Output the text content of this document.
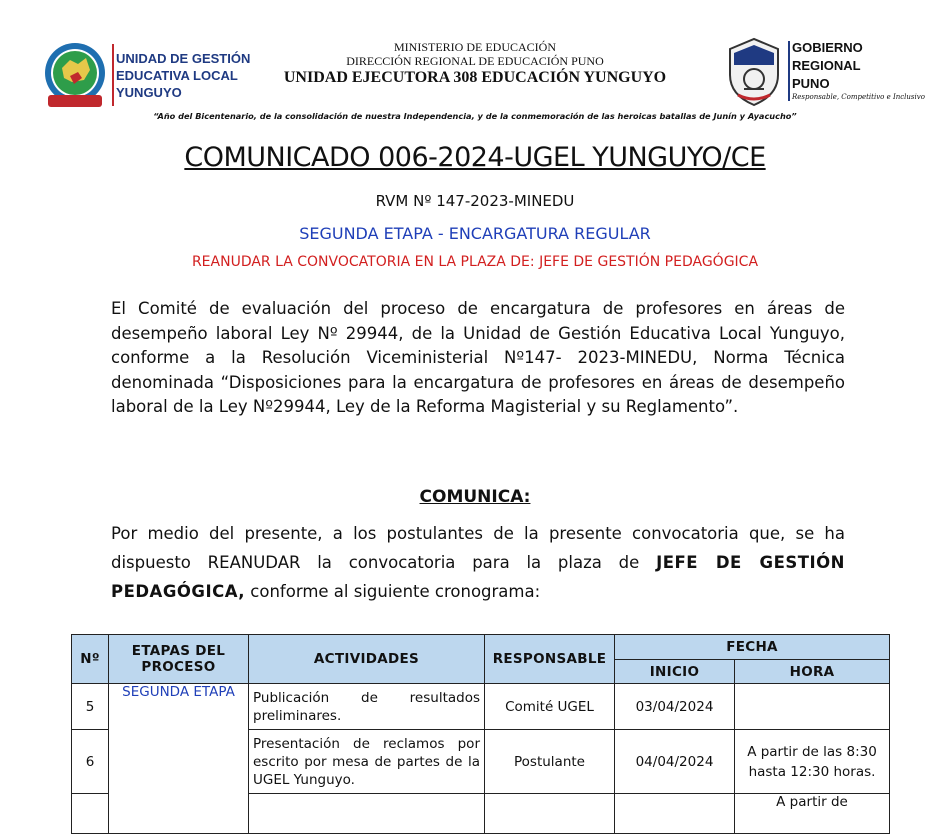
UNIDAD DE GESTIÓN
EDUCATIVA LOCAL
YUNGUYO
MINISTERIO DE EDUCACIÓN
DIRECCIÓN REGIONAL DE EDUCACIÓN PUNO
UNIDAD EJECUTORA 308 EDUCACIÓN YUNGUYO
GOBIERNO
REGIONAL
PUNO
Responsable, Competitivo e Inclusivo
“Año del Bicentenario, de la consolidación de nuestra Independencia, y de la conmemoración de las heroicas batallas de Junín y Ayacucho”
COMUNICADO 006-2024-UGEL YUNGUYO/CE
RVM Nº 147-2023-MINEDU
SEGUNDA ETAPA - ENCARGATURA REGULAR
REANUDAR LA CONVOCATORIA EN LA PLAZA DE: JEFE DE GESTIÓN PEDAGÓGICA
El Comité de evaluación del proceso de encargatura de profesores en áreas de desempeño laboral Ley Nº 29944, de la Unidad de Gestión Educativa Local Yunguyo, conforme a la Resolución Viceministerial Nº147- 2023-MINEDU, Norma Técnica denominada “Disposiciones para la encargatura de profesores en áreas de desempeño laboral de la Ley Nº29944, Ley de la Reforma Magisterial y su Reglamento”.
COMUNICA:
Por medio del presente, a los postulantes de la presente convocatoria que, se ha dispuesto REANUDAR la convocatoria para la plaza de JEFE DE GESTIÓN PEDAGÓGICA, conforme al siguiente cronograma:
Nº	ETAPAS DEL PROCESO	ACTIVIDADES	RESPONSABLE	FECHA	
				INICIO	HORA
5	SEGUNDA ETAPA	Publicación de resultados preliminares.	Comité UGEL	03/04/2024	
6		Presentación de reclamos por escrito por mesa de partes de la UGEL Yunguyo.	Postulante	04/04/2024	A partir de las 8:30 hasta 12:30 horas.
					A partir de
